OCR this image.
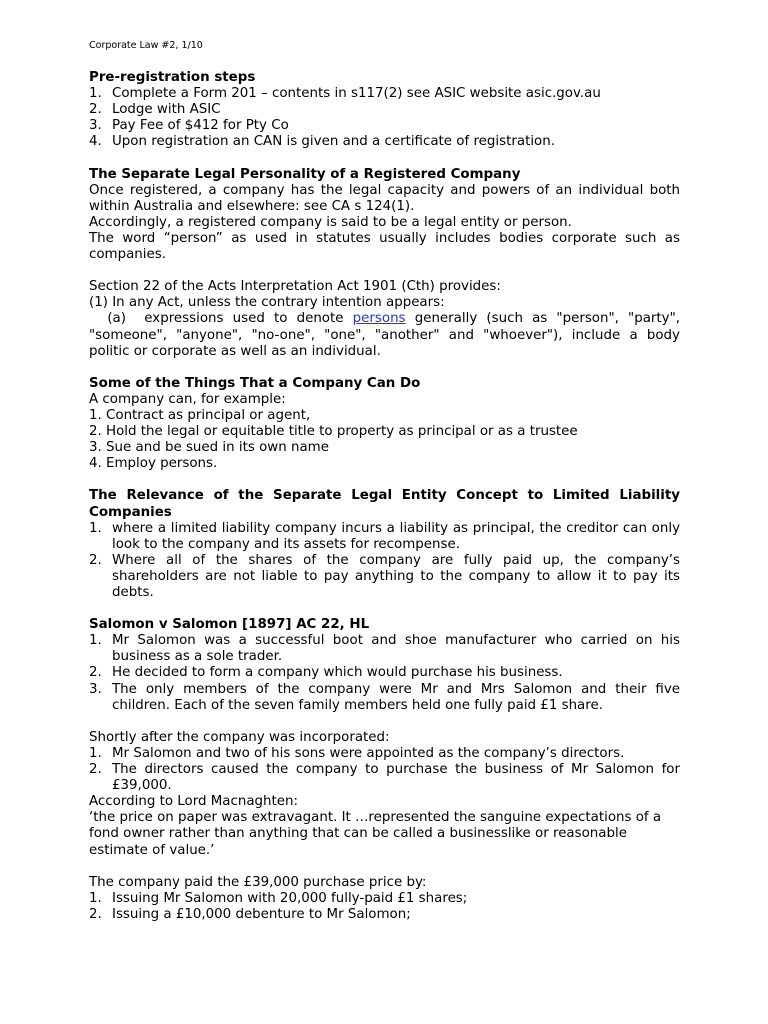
Corporate Law #2, 1/10
Pre-registration steps
1. Complete a Form 201 – contents in s117(2) see ASIC website asic.gov.au
2. Lodge with ASIC
3. Pay Fee of $412 for Pty Co
4. Upon registration an CAN is given and a certificate of registration.
The Separate Legal Personality of a Registered Company

Once registered, a company has the legal capacity and powers of an individual both within Australia and elsewhere: see CA s 124(1).

Accordingly, a registered company is said to be a legal entity or person.

The word “person” as used in statutes usually includes bodies corporate such as companies.

Section 22 of the Acts Interpretation Act 1901 (Cth) provides:

(1) In any Act, unless the contrary intention appears:

(a)  expressions used to denote persons generally (such as "person", "party", "someone", "anyone", "no-one", "one", "another" and "whoever"), include a body politic or corporate as well as an individual.

Some of the Things That a Company Can Do

A company can, for example:

1. Contract as principal or agent,

2. Hold the legal or equitable title to property as principal or as a trustee

3. Sue and be sued in its own name

4. Employ persons.

The Relevance of the Separate Legal Entity Concept to Limited Liability Companies
1. where a limited liability company incurs a liability as principal, the creditor can only look to the company and its assets for recompense.
2. Where all of the shares of the company are fully paid up, the company’s shareholders are not liable to pay anything to the company to allow it to pay its debts.
Salomon v Salomon [1897] AC 22, HL
1. Mr Salomon was a successful boot and shoe manufacturer who carried on his business as a sole trader.
2. He decided to form a company which would purchase his business.
3. The only members of the company were Mr and Mrs Salomon and their five children. Each of the seven family members held one fully paid £1 share.

Shortly after the company was incorporated:

1. Mr Salomon and two of his sons were appointed as the company’s directors.
2. The directors caused the company to purchase the business of Mr Salomon for £39,000.

According to Lord Macnaghten:

‘the price on paper was extravagant. It …represented the sanguine expectations of a fond owner rather than anything that can be called a businesslike or reasonable estimate of value.’

The company paid the £39,000 purchase price by:

1. Issuing Mr Salomon with 20,000 fully-paid £1 shares;
2. Issuing a £10,000 debenture to Mr Salomon;
